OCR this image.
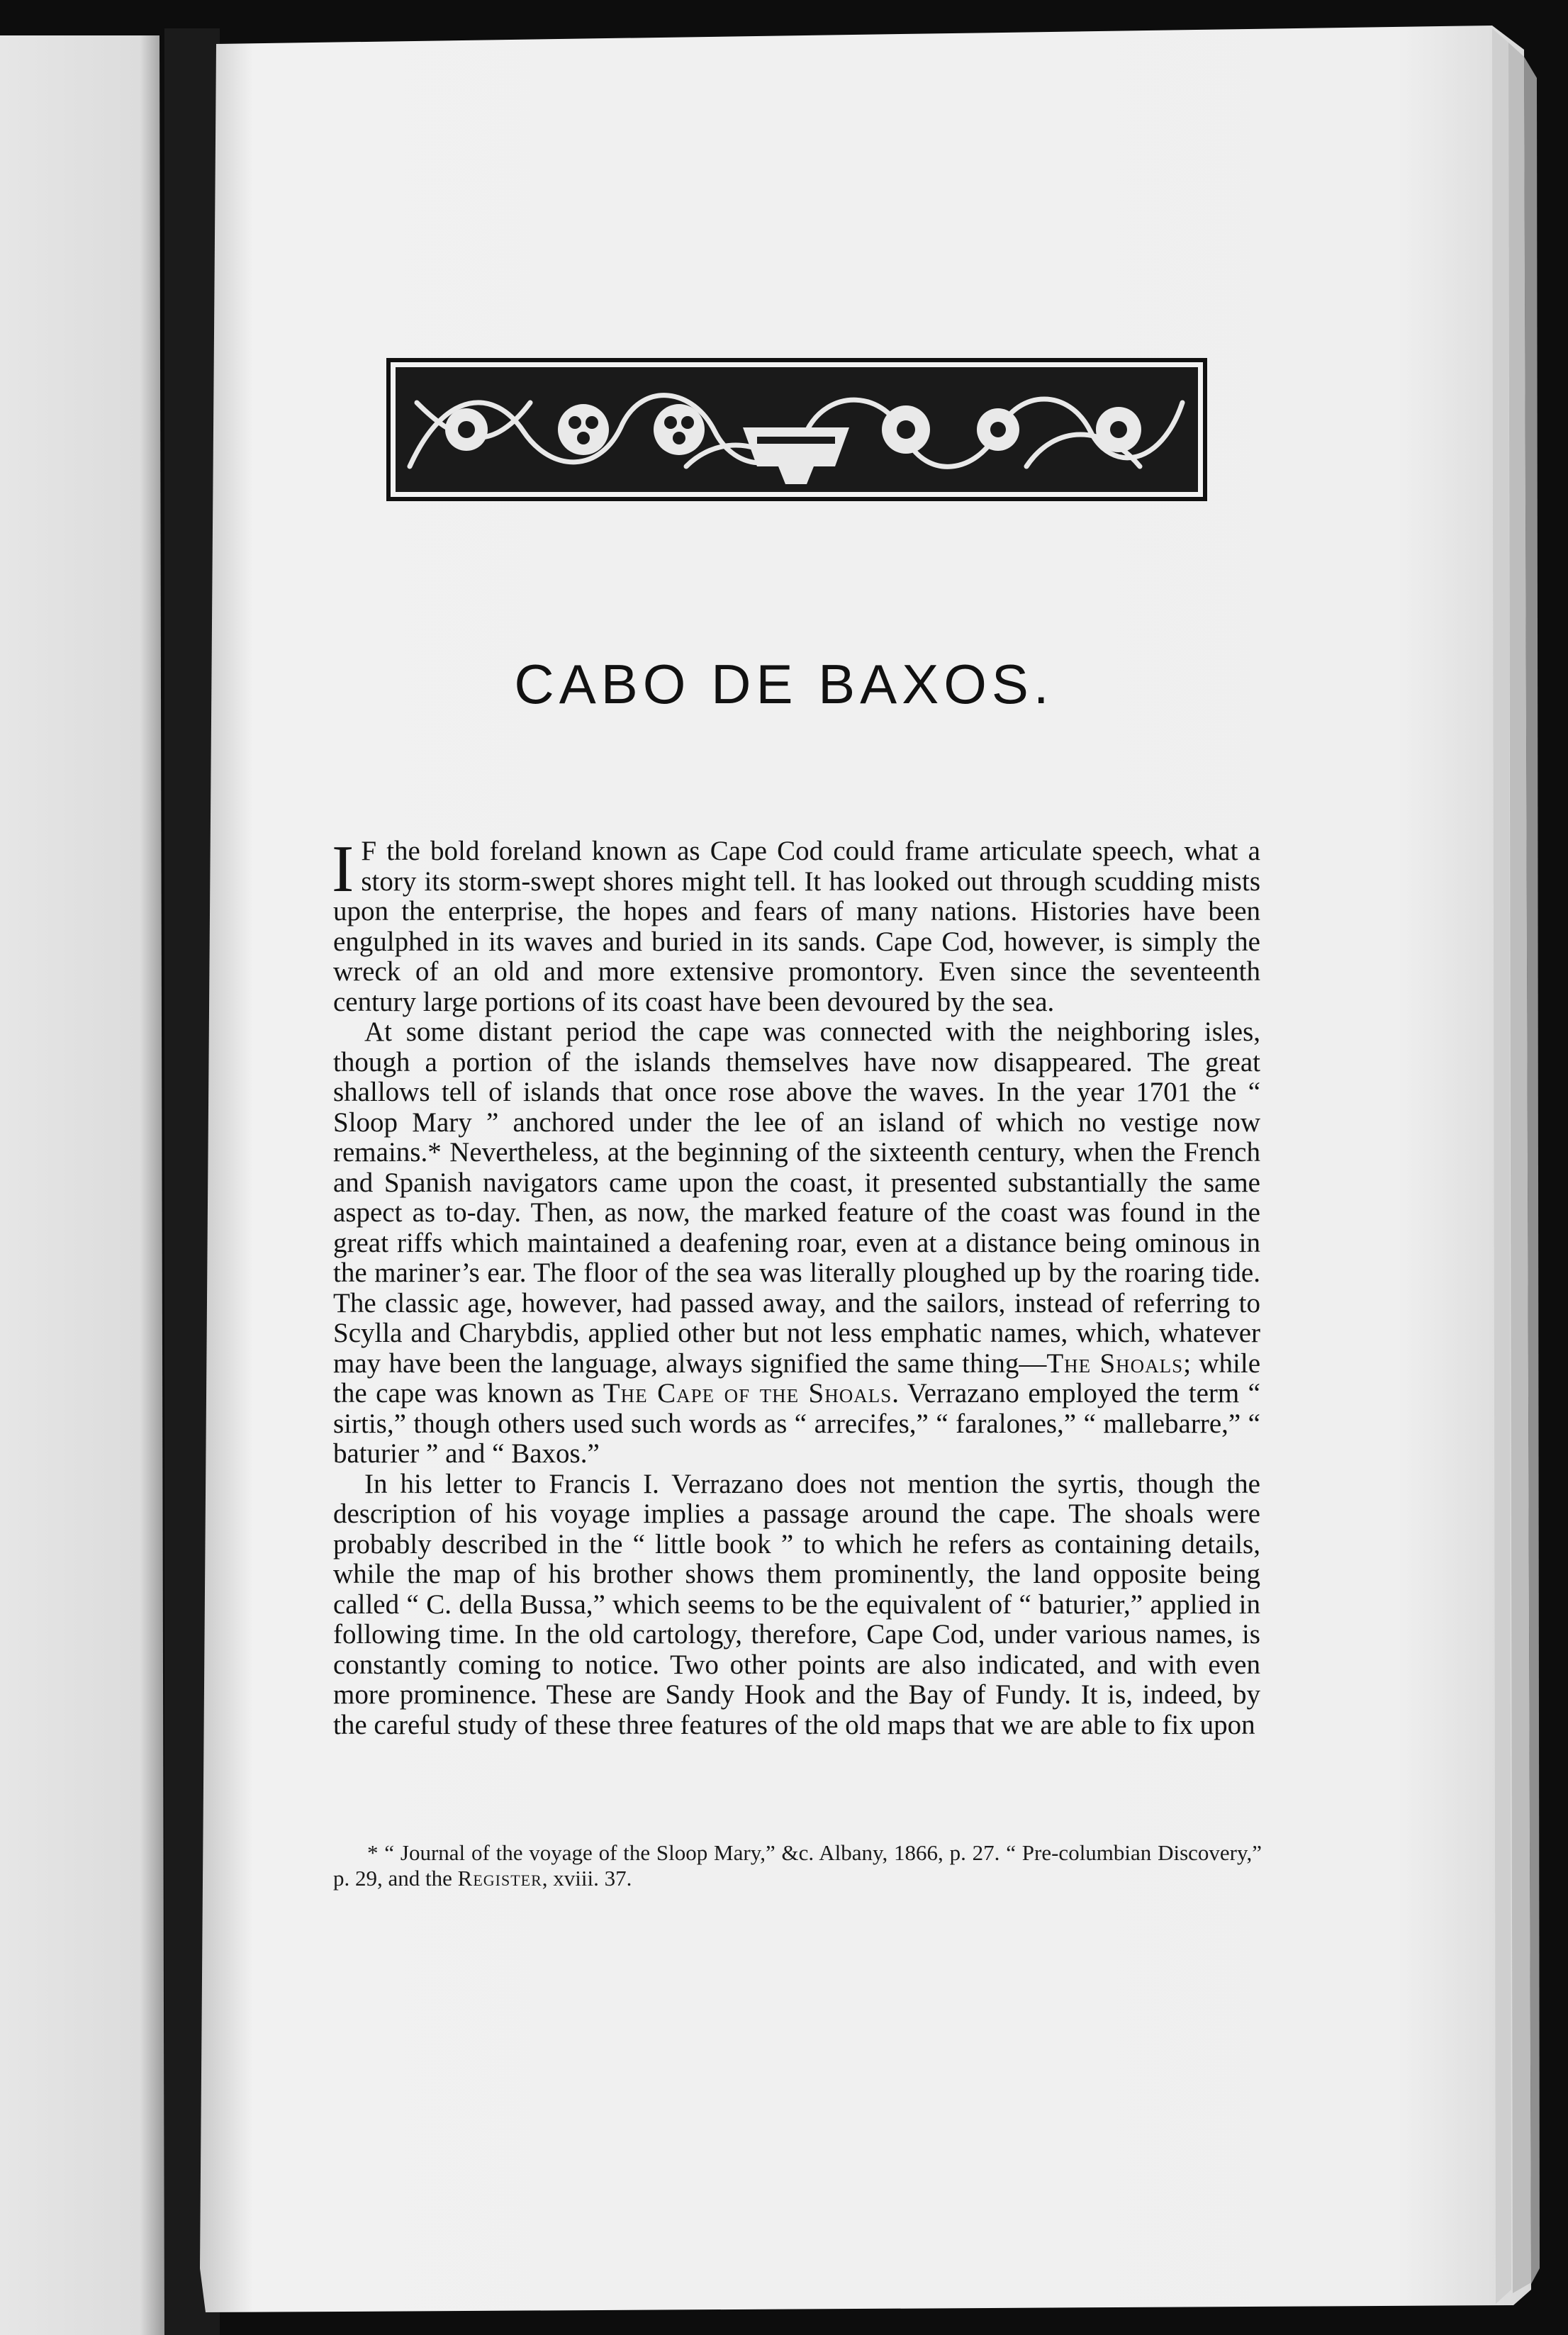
CABO DE BAXOS.

I F the bold foreland known as Cape Cod could frame articulate speech, what a story its storm-swept shores might tell. It has looked out through scudding mists upon the enterprise, the hopes and fears of many nations. Histories have been engulphed in its waves and buried in its sands. Cape Cod, however, is simply the wreck of an old and more extensive promontory. Even since the seventeenth century large portions of its coast have been devoured by the sea.

At some distant period the cape was connected with the neighboring isles, though a portion of the islands themselves have now disappeared. The great shallows tell of islands that once rose above the waves. In the year 1701 the “ Sloop Mary ” anchored under the lee of an island of which no vestige now remains.* Nevertheless, at the beginning of the sixteenth century, when the French and Spanish navigators came upon the coast, it presented substantially the same aspect as to-day. Then, as now, the marked feature of the coast was found in the great riffs which maintained a deafening roar, even at a distance being ominous in the mariner’s ear. The floor of the sea was literally ploughed up by the roaring tide. The classic age, however, had passed away, and the sailors, instead of referring to Scylla and Charybdis, applied other but not less emphatic names, which, whatever may have been the language, always signified the same thing—The Shoals; while the cape was known as The Cape of the Shoals. Verrazano employed the term “ sirtis,” though others used such words as “ arrecifes,” “ faralones,” “ mallebarre,” “ baturier ” and “ Baxos.”

In his letter to Francis I. Verrazano does not mention the syrtis, though the description of his voyage implies a passage around the cape. The shoals were probably described in the “ little book ” to which he refers as containing details, while the map of his brother shows them prominently, the land opposite being called “ C. della Bussa,” which seems to be the equivalent of “ baturier,” applied in following time. In the old cartology, therefore, Cape Cod, under various names, is constantly coming to notice. Two other points are also indicated, and with even more prominence. These are Sandy Hook and the Bay of Fundy. It is, indeed, by the careful study of these three features of the old maps that we are able to fix upon

* “ Journal of the voyage of the Sloop Mary,” &c. Albany, 1866, p. 27. “ Pre-columbian Discovery,” p. 29, and the Register, xviii. 37.
